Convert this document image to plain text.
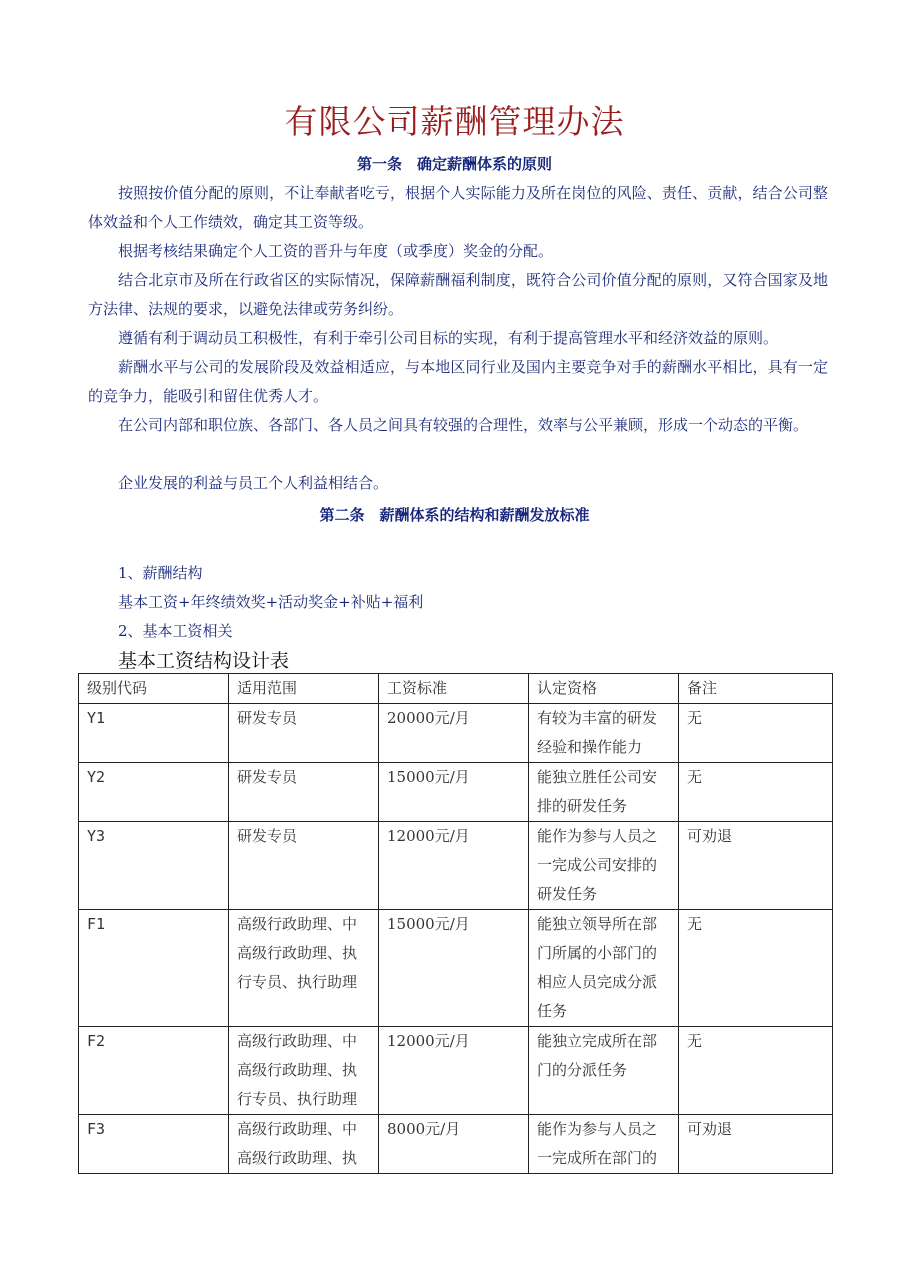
有限公司薪酬管理办法
第一条　确定薪酬体系的原则
按照按价值分配的原则，不让奉献者吃亏，根据个人实际能力及所在岗位的风险、责任、贡献，结合公司整体效益和个人工作绩效，确定其工资等级。
根据考核结果确定个人工资的晋升与年度（或季度）奖金的分配。
结合北京市及所在行政省区的实际情况，保障薪酬福利制度，既符合公司价值分配的原则，又符合国家及地方法律、法规的要求，以避免法律或劳务纠纷。
遵循有利于调动员工积极性，有利于牵引公司目标的实现，有利于提高管理水平和经济效益的原则。
薪酬水平与公司的发展阶段及效益相适应，与本地区同行业及国内主要竞争对手的薪酬水平相比，具有一定的竞争力，能吸引和留住优秀人才。
在公司内部和职位族、各部门、各人员之间具有较强的合理性，效率与公平兼顾，形成一个动态的平衡。
企业发展的利益与员工个人利益相结合。
第二条　薪酬体系的结构和薪酬发放标准
1、薪酬结构
基本工资+年终绩效奖+活动奖金+补贴+福利
2、基本工资相关
基本工资结构设计表
级别代码	适用范围	工资标准	认定资格	备注
Y1	研发专员	20000元/月	有较为丰富的研发经验和操作能力	无
Y2	研发专员	15000元/月	能独立胜任公司安排的研发任务	无
Y3	研发专员	12000元/月	能作为参与人员之一完成公司安排的研发任务	可劝退
F1	高级行政助理、中高级行政助理、执行专员、执行助理	15000元/月	能独立领导所在部门所属的小部门的相应人员完成分派任务	无
F2	高级行政助理、中高级行政助理、执行专员、执行助理	12000元/月	能独立完成所在部门的分派任务	无
F3	高级行政助理、中高级行政助理、执	8000元/月	能作为参与人员之一完成所在部门的	可劝退
